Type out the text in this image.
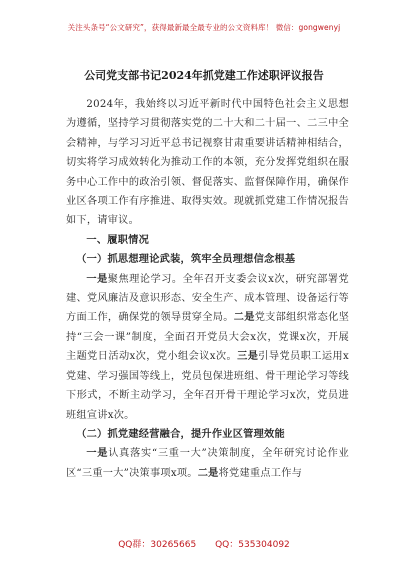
关注头条号“公文研究”，获得最新最全最专业的公文资料库！ 微信：gongwenyj
公司党支部书记2024年抓党建工作述职评议报告

2024年，我始终以习近平新时代中国特色社会主义思想为遵循，坚持学习贯彻落实党的二十大和二十届一、二三中全会精神，与学习习近平总书记视察甘肃重要讲话精神相结合，切实将学习成效转化为推动工作的本领，充分发挥党组织在服务中心工作中的政治引领、督促落实、监督保障作用，确保作业区各项工作有序推进、取得实效。现就抓党建工作情况报告如下，请审议。

一、履职情况

（一）抓思想理论武装，筑牢全员理想信念根基

一是聚焦理论学习。全年召开支委会议x次，研究部署党建、党风廉洁及意识形态、安全生产、成本管理、设备运行等方面工作，确保党的领导贯穿全局。二是党支部组织常态化坚持“三会一课”制度，全面召开党员大会x次，党课x次，开展主题党日活动x次，党小组会议x次。三是引导党员职工运用x党建、学习强国等线上，党员包保进班组、骨干理论学习等线下形式，不断主动学习，全年召开骨干理论学习x次，党员进班组宣讲x次。

（二）抓党建经营融合，提升作业区管理效能

一是认真落实“三重一大”决策制度，全年研究讨论作业区“三重一大”决策事项x项。二是将党建重点工作与

QQ群：30265665 QQ：535304092
